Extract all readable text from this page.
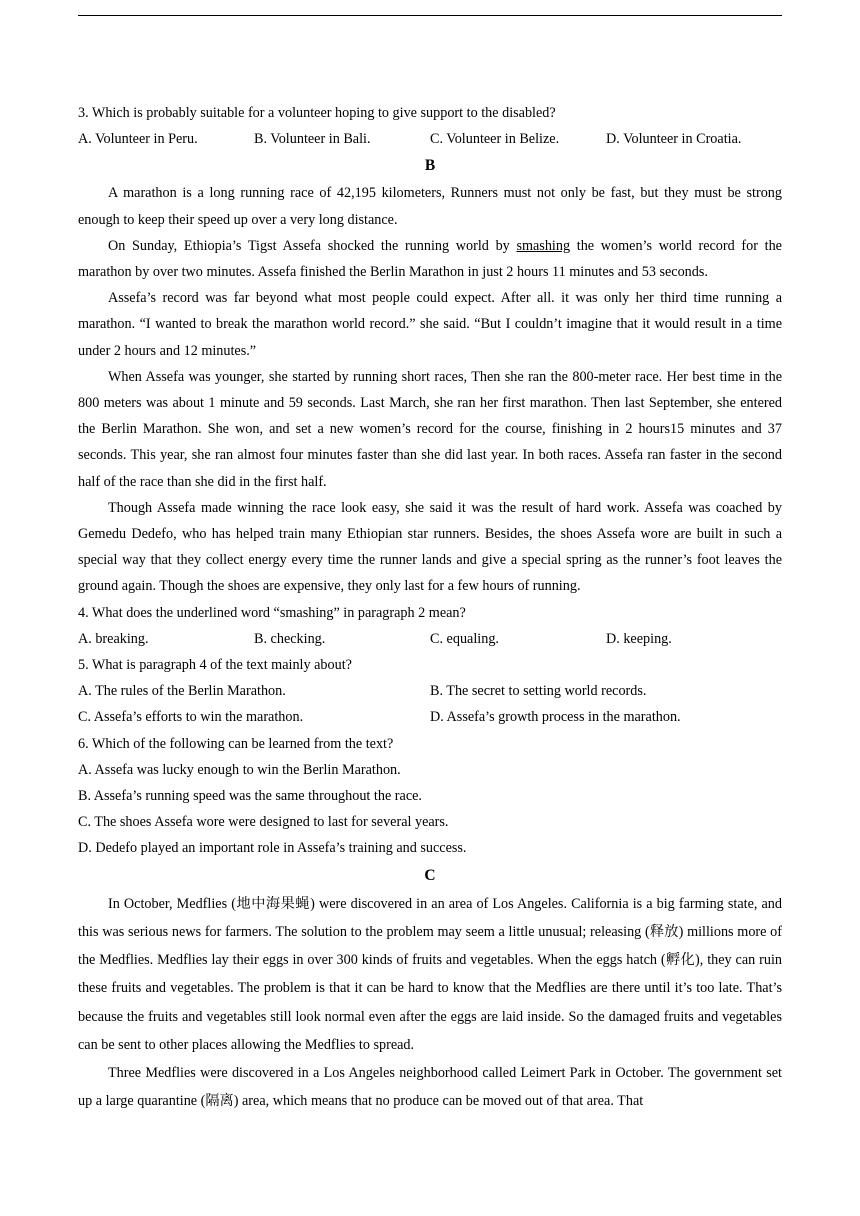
3. Which is probably suitable for a volunteer hoping to give support to the disabled?
A. Volunteer in Peru.	B. Volunteer in Bali.	C. Volunteer in Belize.	D. Volunteer in Croatia.
B
A marathon is a long running race of 42,195 kilometers, Runners must not only be fast, but they must be strong enough to keep their speed up over a very long distance.
On Sunday, Ethiopia’s Tigst Assefa shocked the running world by smashing the women’s world record for the marathon by over two minutes. Assefa finished the Berlin Marathon in just 2 hours 11 minutes and 53 seconds.
Assefa’s record was far beyond what most people could expect. After all. it was only her third time running a marathon. “I wanted to break the marathon world record.” she said. “But I couldn’t imagine that it would result in a time under 2 hours and 12 minutes.”
When Assefa was younger, she started by running short races, Then she ran the 800-meter race. Her best time in the 800 meters was about 1 minute and 59 seconds. Last March, she ran her first marathon. Then last September, she entered the Berlin Marathon. She won, and set a new women’s record for the course, finishing in 2 hours15 minutes and 37 seconds. This year, she ran almost four minutes faster than she did last year. In both races. Assefa ran faster in the second half of the race than she did in the first half.
Though Assefa made winning the race look easy, she said it was the result of hard work. Assefa was coached by Gemedu Dedefo, who has helped train many Ethiopian star runners. Besides, the shoes Assefa wore are built in such a special way that they collect energy every time the runner lands and give a special spring as the runner’s foot leaves the ground again. Though the shoes are expensive, they only last for a few hours of running.
4. What does the underlined word “smashing” in paragraph 2 mean?
A. breaking.	B. checking.	C. equaling.	D. keeping.
5. What is paragraph 4 of the text mainly about?
A. The rules of the Berlin Marathon.	B. The secret to setting world records.
C. Assefa’s efforts to win the marathon.	D. Assefa’s growth process in the marathon.
6. Which of the following can be learned from the text?
A. Assefa was lucky enough to win the Berlin Marathon.
B. Assefa’s running speed was the same throughout the race.
C. The shoes Assefa wore were designed to last for several years.
D. Dedefo played an important role in Assefa’s training and success.
C
In October, Medflies (地中海果蝇) were discovered in an area of Los Angeles. California is a big farming state, and this was serious news for farmers. The solution to the problem may seem a little unusual; releasing (释放) millions more of the Medflies. Medflies lay their eggs in over 300 kinds of fruits and vegetables. When the eggs hatch (孵化), they can ruin these fruits and vegetables. The problem is that it can be hard to know that the Medflies are there until it’s too late. That’s because the fruits and vegetables still look normal even after the eggs are laid inside. So the damaged fruits and vegetables can be sent to other places allowing the Medflies to spread.
Three Medflies were discovered in a Los Angeles neighborhood called Leimert Park in October. The government set up a large quarantine (隔离) area, which means that no produce can be moved out of that area. That
